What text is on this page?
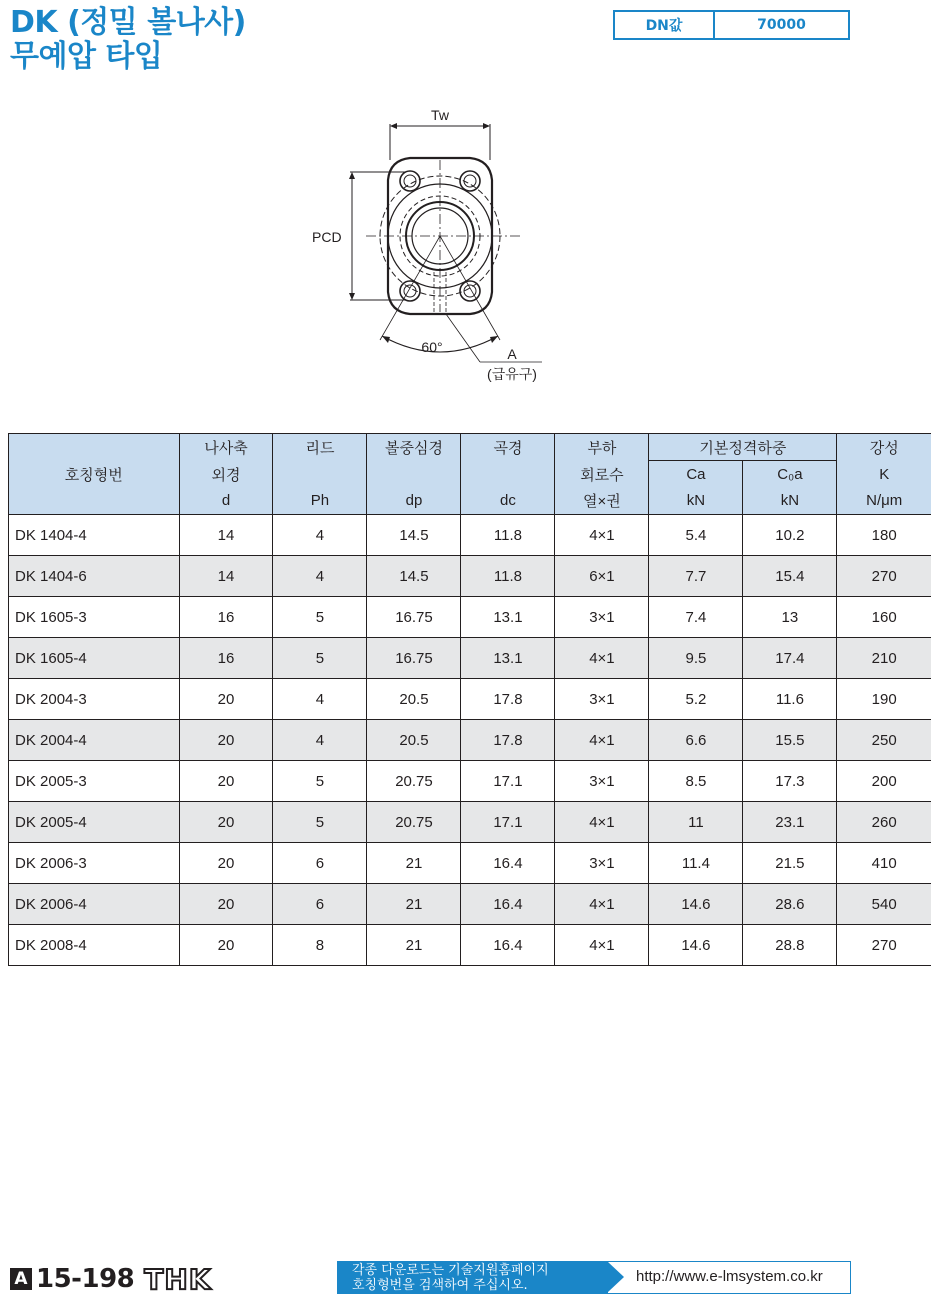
DK (정밀 볼나사)
무예압 타입
DN값	70000
Tw
PCD
60°	A
(급유구)
호칭형번	나사축	리드	볼중심경	곡경	부하	기본정격하중		강성
	외경				회로수	Ca	C₀a	K
	d	Ph	dp	dc	열×권	kN	kN	N/μm
DK 1404-4	14	4	14.5	11.8	4×1	5.4	10.2	180
DK 1404-6	14	4	14.5	11.8	6×1	7.7	15.4	270
DK 1605-3	16	5	16.75	13.1	3×1	7.4	13	160
DK 1605-4	16	5	16.75	13.1	4×1	9.5	17.4	210
DK 2004-3	20	4	20.5	17.8	3×1	5.2	11.6	190
DK 2004-4	20	4	20.5	17.8	4×1	6.6	15.5	250
DK 2005-3	20	5	20.75	17.1	3×1	8.5	17.3	200
DK 2005-4	20	5	20.75	17.1	4×1	11	23.1	260
DK 2006-3	20	6	21	16.4	3×1	11.4	21.5	410
DK 2006-4	20	6	21	16.4	4×1	14.6	28.6	540
DK 2008-4	20	8	21	16.4	4×1	14.6	28.8	270
A 15-198 THK	각종 다운로드는 기술지원홈페이지
호칭형번을 검색하여 주십시오.
http://www.e-lmsystem.co.kr
